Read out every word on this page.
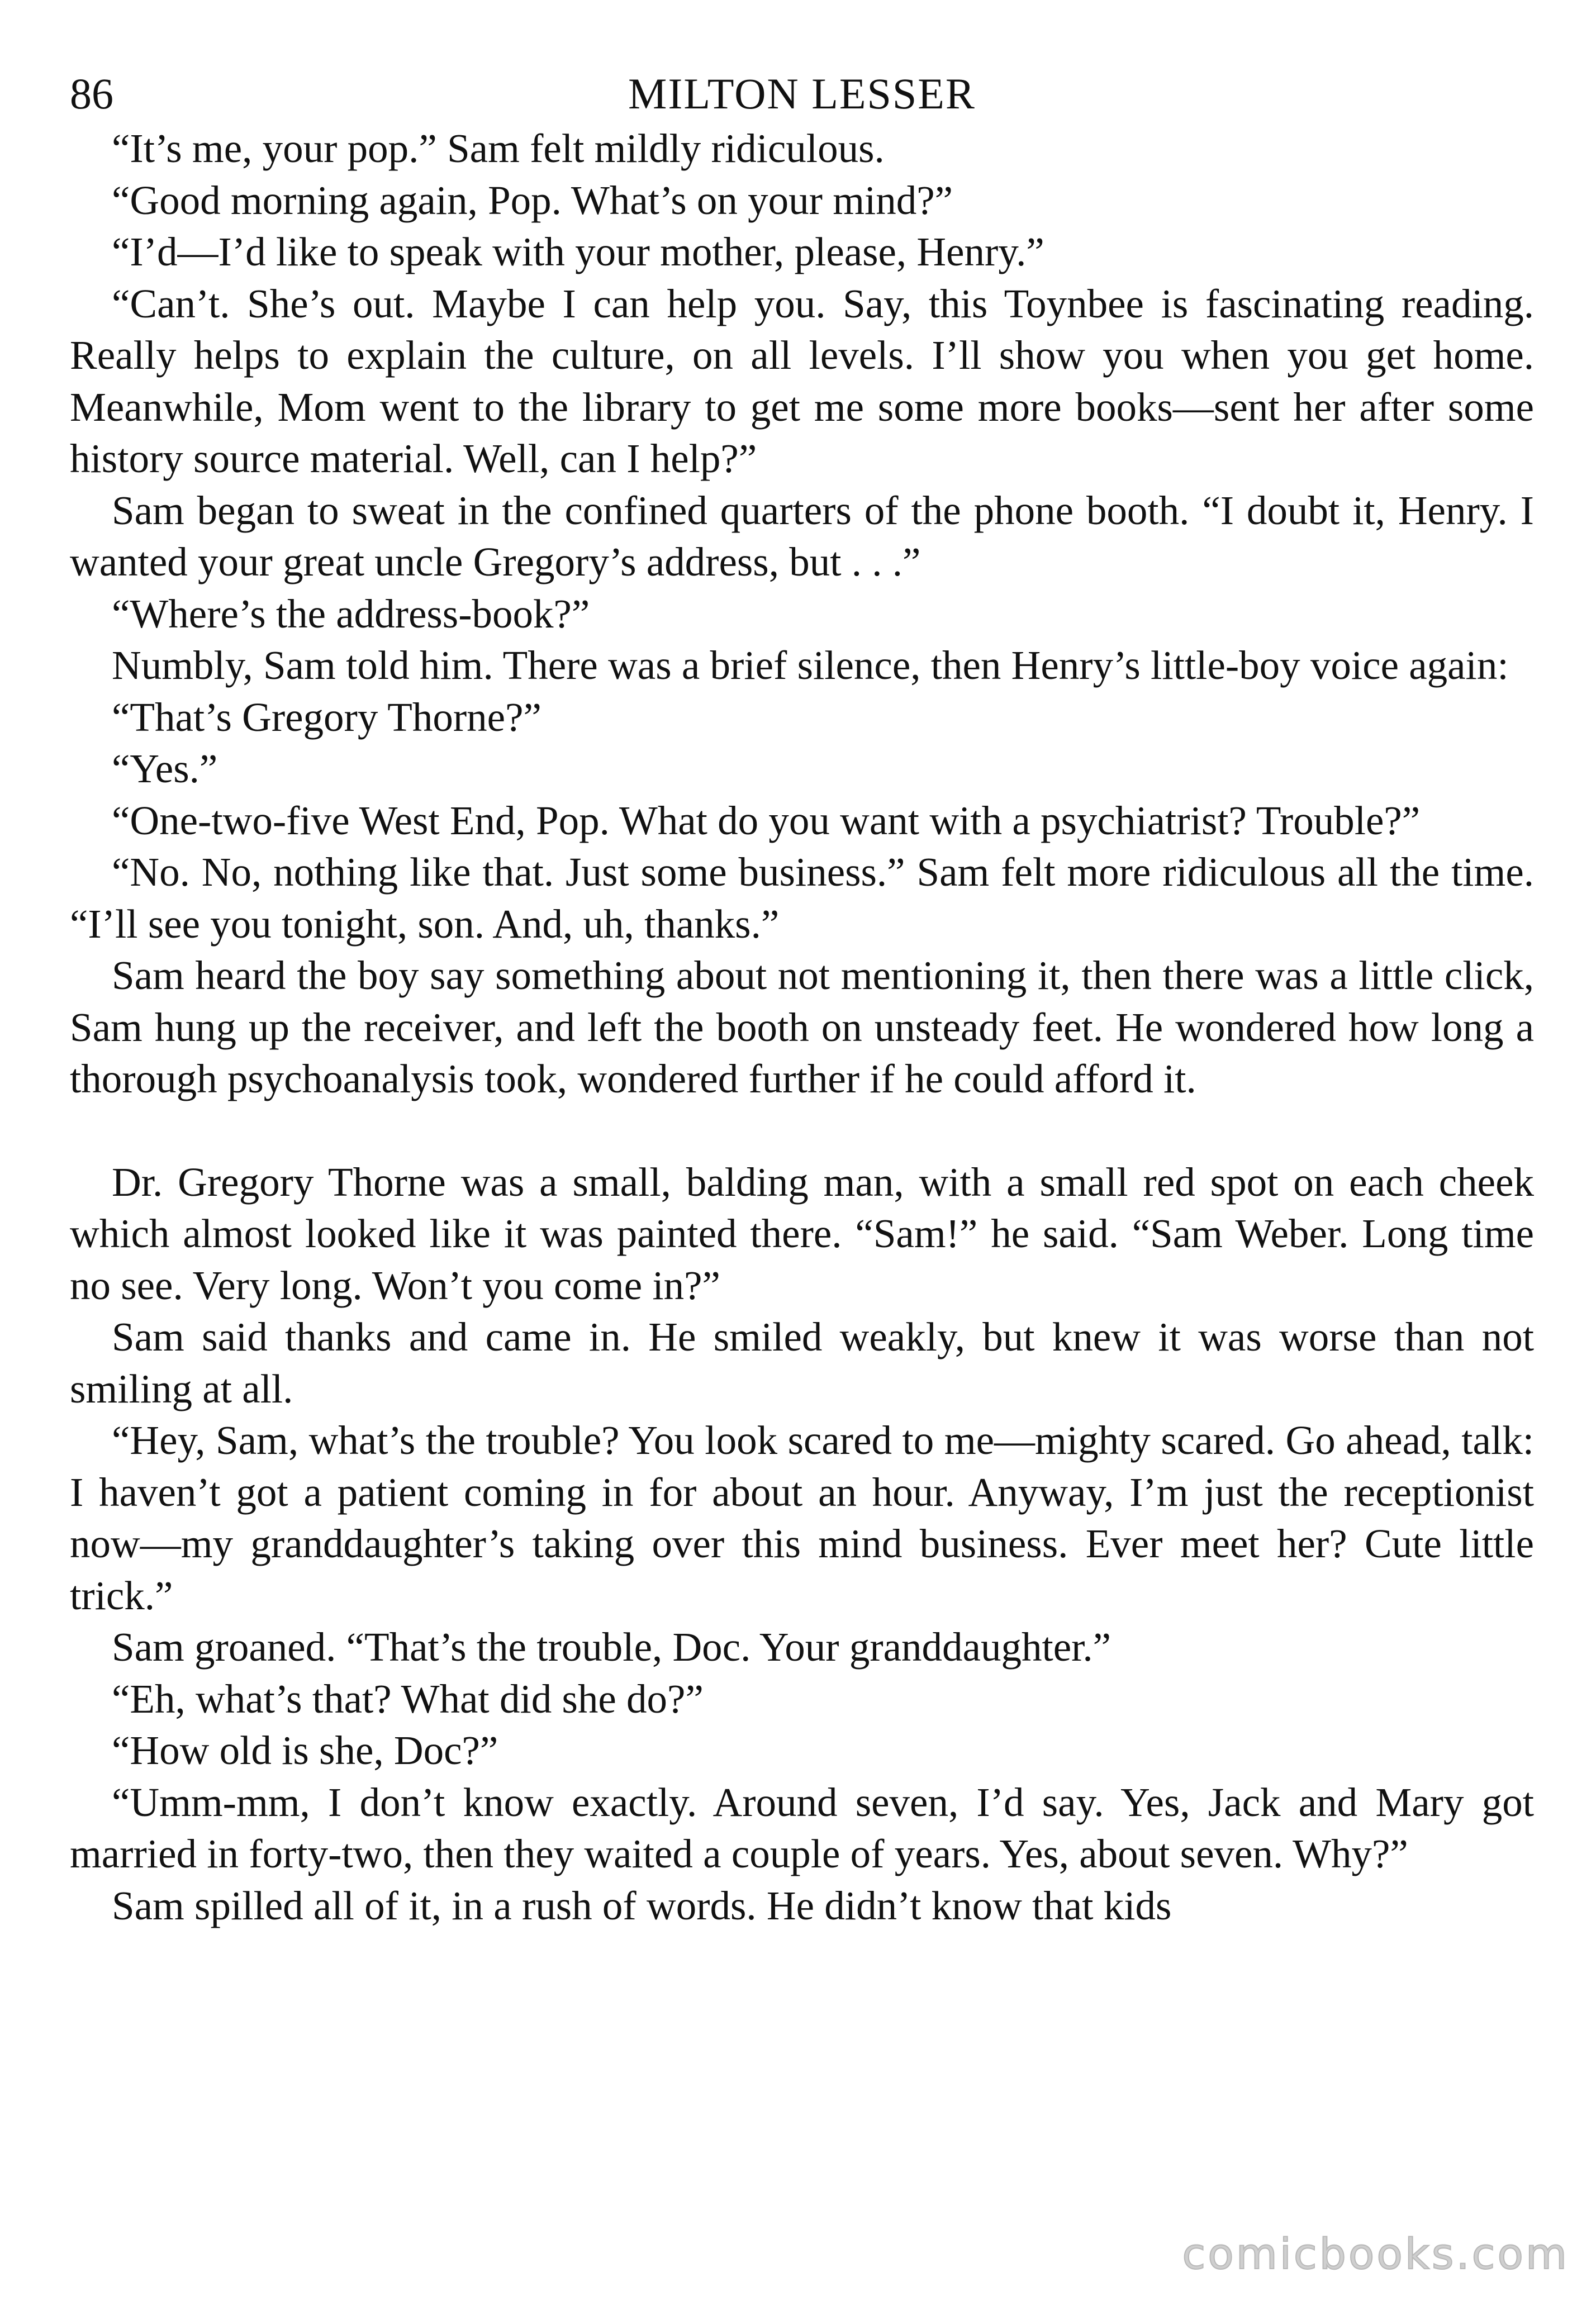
86	MILTON LESSER

“It’s me, your pop.” Sam felt mildly ridiculous.

“Good morning again, Pop. What’s on your mind?”

“I’d—I’d like to speak with your mother, please, Henry.”

“Can’t. She’s out. Maybe I can help you. Say, this Toynbee is fascinating reading. Really helps to explain the culture, on all levels. I’ll show you when you get home. Meanwhile, Mom went to the library to get me some more books—sent her after some history source material. Well, can I help?”

Sam began to sweat in the confined quarters of the phone booth. “I doubt it, Henry. I wanted your great uncle Gregory’s address, but . . .”

“Where’s the address-book?”

Numbly, Sam told him. There was a brief silence, then Henry’s little-boy voice again:

“That’s Gregory Thorne?”

“Yes.”

“One-two-five West End, Pop. What do you want with a psychiatrist? Trouble?”

“No. No, nothing like that. Just some business.” Sam felt more ridiculous all the time. “I’ll see you tonight, son. And, uh, thanks.”

Sam heard the boy say something about not mentioning it, then there was a little click, Sam hung up the receiver, and left the booth on unsteady feet. He wondered how long a thorough psychoanalysis took, wondered further if he could afford it.

Dr. Gregory Thorne was a small, balding man, with a small red spot on each cheek which almost looked like it was painted there. “Sam!” he said. “Sam Weber. Long time no see. Very long. Won’t you come in?”

Sam said thanks and came in. He smiled weakly, but knew it was worse than not smiling at all.

“Hey, Sam, what’s the trouble? You look scared to me—mighty scared. Go ahead, talk: I haven’t got a patient coming in for about an hour. Anyway, I’m just the receptionist now—my granddaughter’s taking over this mind business. Ever meet her? Cute little trick.”

Sam groaned. “That’s the trouble, Doc. Your granddaughter.”

“Eh, what’s that? What did she do?”

“How old is she, Doc?”

“Umm-mm, I don’t know exactly. Around seven, I’d say. Yes, Jack and Mary got married in forty-two, then they waited a couple of years. Yes, about seven. Why?”

Sam spilled all of it, in a rush of words. He didn’t know that kids

comicbooks.com
